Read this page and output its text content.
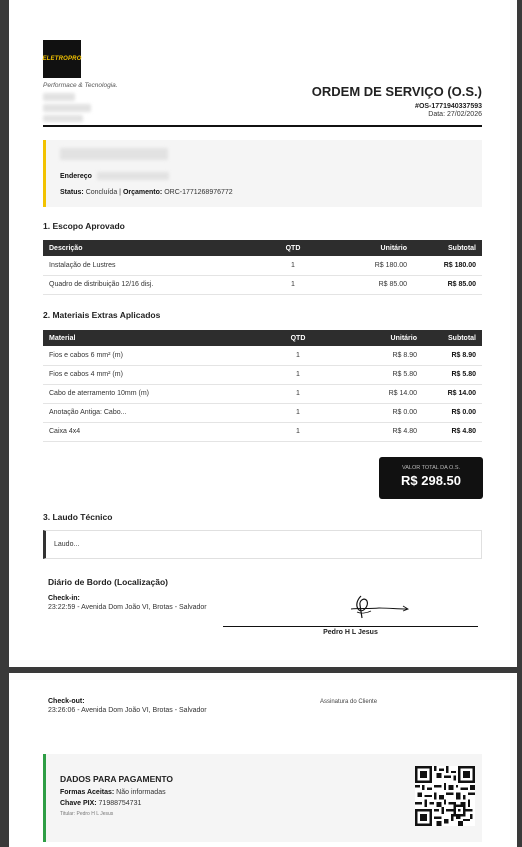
ELETROPRO
Performace & Tecnologia.	ORDEM DE SERVIÇO (O.S.)
#OS-1771940337593
Data: 27/02/2026
Endereço
Status: Concluída | Orçamento: ORC-1771268976772
1. Escopo Aprovado
Descrição	QTD	Unitário	Subtotal
Instalação de Lustres	1	R$ 180.00	R$ 180.00
Quadro de distribuição 12/16 disj.	1	R$ 85.00	R$ 85.00
2. Materiais Extras Aplicados
Material	QTD	Unitário	Subtotal
Fios e cabos 6 mm² (m)	1	R$ 8.90	R$ 8.90
Fios e cabos 4 mm² (m)	1	R$ 5.80	R$ 5.80
Cabo de aterramento 10mm (m)	1	R$ 14.00	R$ 14.00
Anotação Antiga: Cabo...	1	R$ 0.00	R$ 0.00
Caixa 4x4	1	R$ 4.80	R$ 4.80
VALOR TOTAL DA O.S.
R$ 298.50
3. Laudo Técnico
Laudo...
Diário de Bordo (Localização)
Check-in:
23:22:59 - Avenida Dom João VI, Brotas - Salvador
Pedro H L Jesus
Check-out:
23:26:06 - Avenida Dom João VI, Brotas - Salvador
Assinatura do Cliente
DADOS PARA PAGAMENTO
Formas Aceitas: Não informadas
Chave PIX: 71988754731
Titular: Pedro H L Jesus
